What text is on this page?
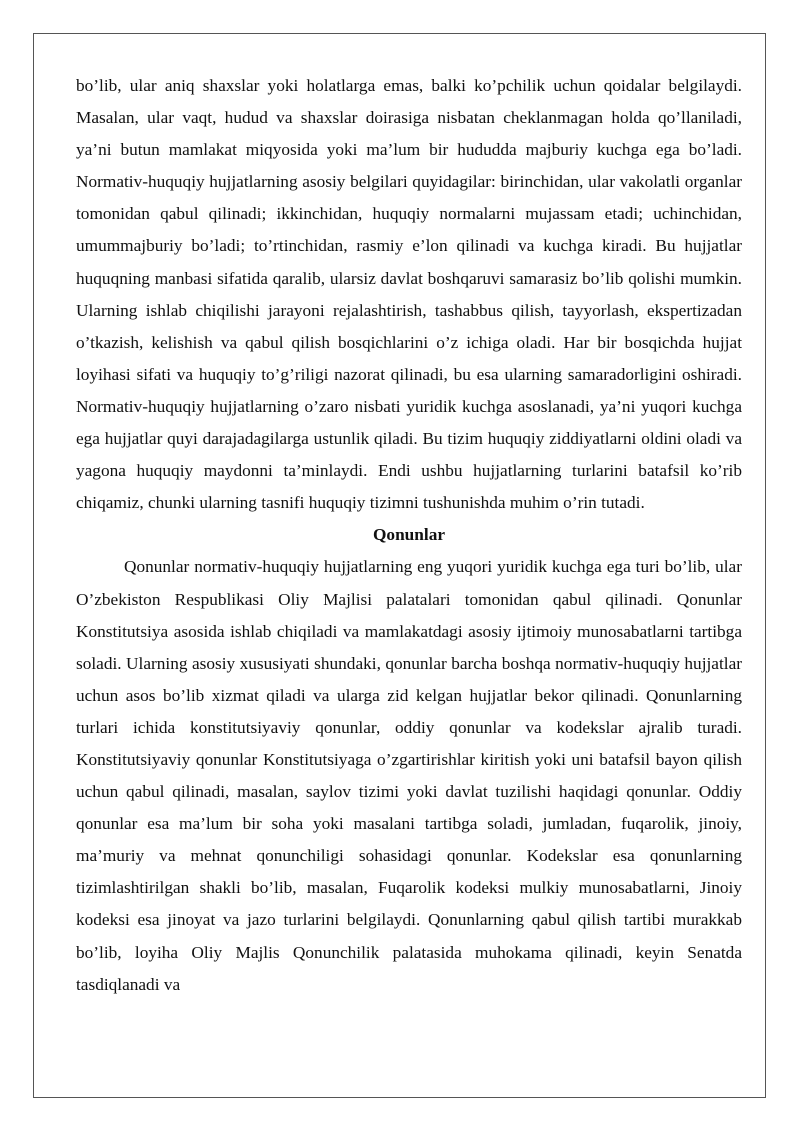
bo’lib, ular aniq shaxslar yoki holatlarga emas, balki ko’pchilik uchun qoidalar belgilaydi. Masalan, ular vaqt, hudud va shaxslar doirasiga nisbatan cheklanmagan holda qo’llaniladi, ya’ni butun mamlakat miqyosida yoki ma’lum bir hududda majburiy kuchga ega bo’ladi. Normativ-huquqiy hujjatlarning asosiy belgilari quyidagilar: birinchidan, ular vakolatli organlar tomonidan qabul qilinadi; ikkinchidan, huquqiy normalarni mujassam etadi; uchinchidan, umummajburiy bo’ladi; to’rtinchidan, rasmiy e’lon qilinadi va kuchga kiradi. Bu hujjatlar huquqning manbasi sifatida qaralib, ularsiz davlat boshqaruvi samarasiz bo’lib qolishi mumkin. Ularning ishlab chiqilishi jarayoni rejalashtirish, tashabbus qilish, tayyorlash, ekspertizadan o’tkazish, kelishish va qabul qilish bosqichlarini o’z ichiga oladi. Har bir bosqichda hujjat loyihasi sifati va huquqiy to’g’riligi nazorat qilinadi, bu esa ularning samaradorligini oshiradi. Normativ-huquqiy hujjatlarning o’zaro nisbati yuridik kuchga asoslanadi, ya’ni yuqori kuchga ega hujjatlar quyi darajadagilarga ustunlik qiladi. Bu tizim huquqiy ziddiyatlarni oldini oladi va yagona huquqiy maydonni ta’minlaydi. Endi ushbu hujjatlarning turlarini batafsil ko’rib chiqamiz, chunki ularning tasnifi huquqiy tizimni tushunishda muhim o’rin tutadi.

Qonunlar

Qonunlar normativ-huquqiy hujjatlarning eng yuqori yuridik kuchga ega turi bo’lib, ular O’zbekiston Respublikasi Oliy Majlisi palatalari tomonidan qabul qilinadi. Qonunlar Konstitutsiya asosida ishlab chiqiladi va mamlakatdagi asosiy ijtimoiy munosabatlarni tartibga soladi. Ularning asosiy xususiyati shundaki, qonunlar barcha boshqa normativ-huquqiy hujjatlar uchun asos bo’lib xizmat qiladi va ularga zid kelgan hujjatlar bekor qilinadi. Qonunlarning turlari ichida konstitutsiyaviy qonunlar, oddiy qonunlar va kodekslar ajralib turadi. Konstitutsiyaviy qonunlar Konstitutsiyaga o’zgartirishlar kiritish yoki uni batafsil bayon qilish uchun qabul qilinadi, masalan, saylov tizimi yoki davlat tuzilishi haqidagi qonunlar. Oddiy qonunlar esa ma’lum bir soha yoki masalani tartibga soladi, jumladan, fuqarolik, jinoiy, ma’muriy va mehnat qonunchiligi sohasidagi qonunlar. Kodekslar esa qonunlarning tizimlashtirilgan shakli bo’lib, masalan, Fuqarolik kodeksi mulkiy munosabatlarni, Jinoiy kodeksi esa jinoyat va jazo turlarini belgilaydi. Qonunlarning qabul qilish tartibi murakkab bo’lib, loyiha Oliy Majlis Qonunchilik palatasida muhokama qilinadi, keyin Senatda tasdiqlanadi va
